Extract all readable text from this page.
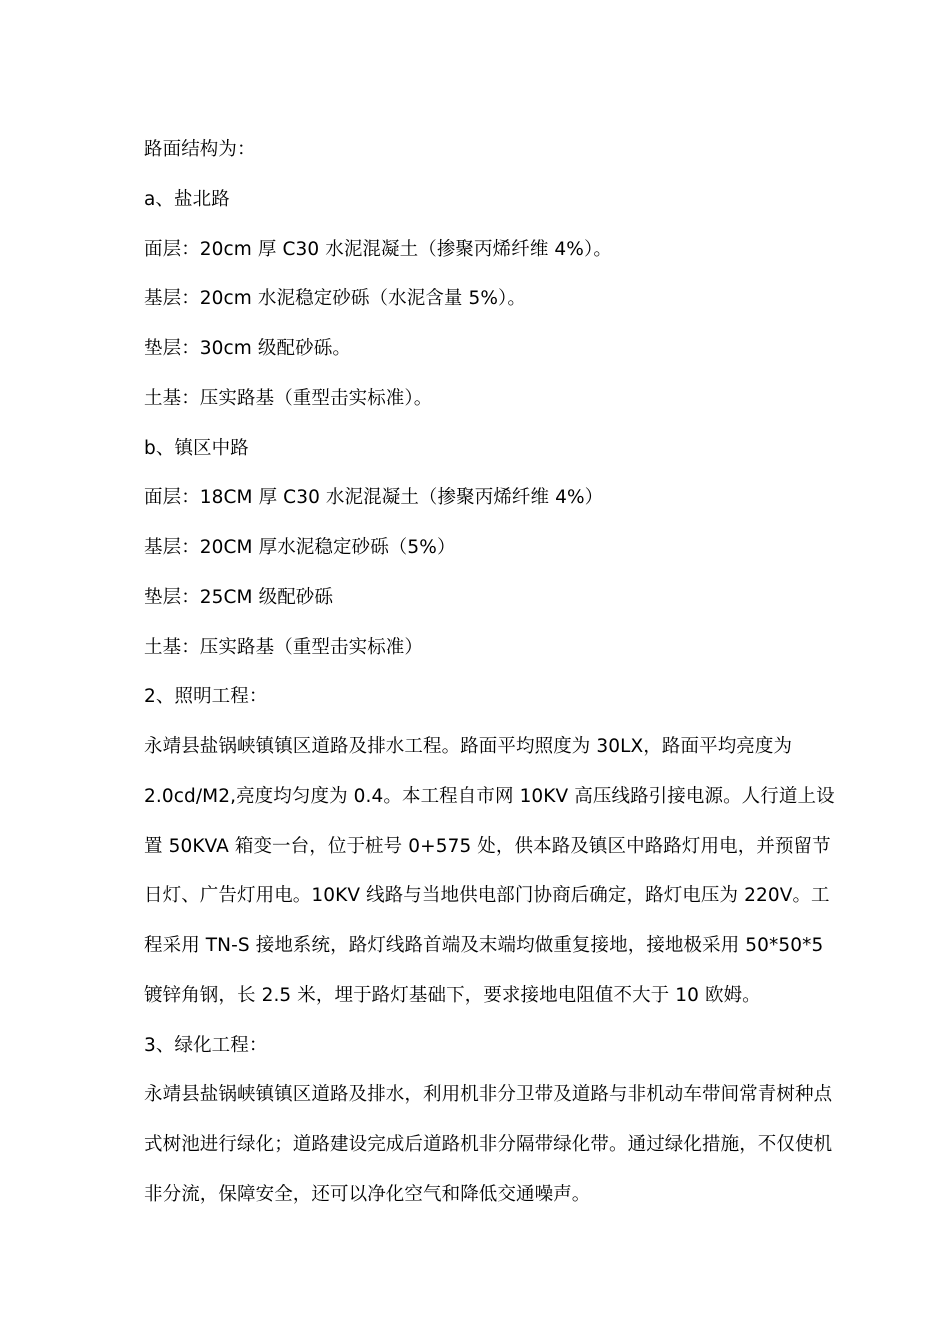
路面结构为：
a、盐北路
面层：20cm 厚 C30 水泥混凝土（掺聚丙烯纤维 4%）。
基层：20cm 水泥稳定砂砾（水泥含量 5%）。
垫层：30cm 级配砂砾。
土基：压实路基（重型击实标准）。
b、镇区中路
面层：18CM 厚 C30 水泥混凝土（掺聚丙烯纤维 4%）
基层：20CM 厚水泥稳定砂砾（5%）
垫层：25CM 级配砂砾
土基：压实路基（重型击实标准）
2、照明工程：
永靖县盐锅峡镇镇区道路及排水工程。路面平均照度为 30LX，路面平均亮度为
2.0cd/M2,亮度均匀度为 0.4。本工程自市网 10KV 高压线路引接电源。人行道上设
置 50KVA 箱变一台，位于桩号 0+575 处，供本路及镇区中路路灯用电，并预留节
日灯、广告灯用电。10KV 线路与当地供电部门协商后确定，路灯电压为 220V。工
程采用 TN-S 接地系统，路灯线路首端及末端均做重复接地，接地极采用 50*50*5
镀锌角钢，长 2.5 米，埋于路灯基础下，要求接地电阻值不大于 10 欧姆。
3、绿化工程：
永靖县盐锅峡镇镇区道路及排水，利用机非分卫带及道路与非机动车带间常青树种点
式树池进行绿化；道路建设完成后道路机非分隔带绿化带。通过绿化措施，不仅使机
非分流，保障安全，还可以净化空气和降低交通噪声。
